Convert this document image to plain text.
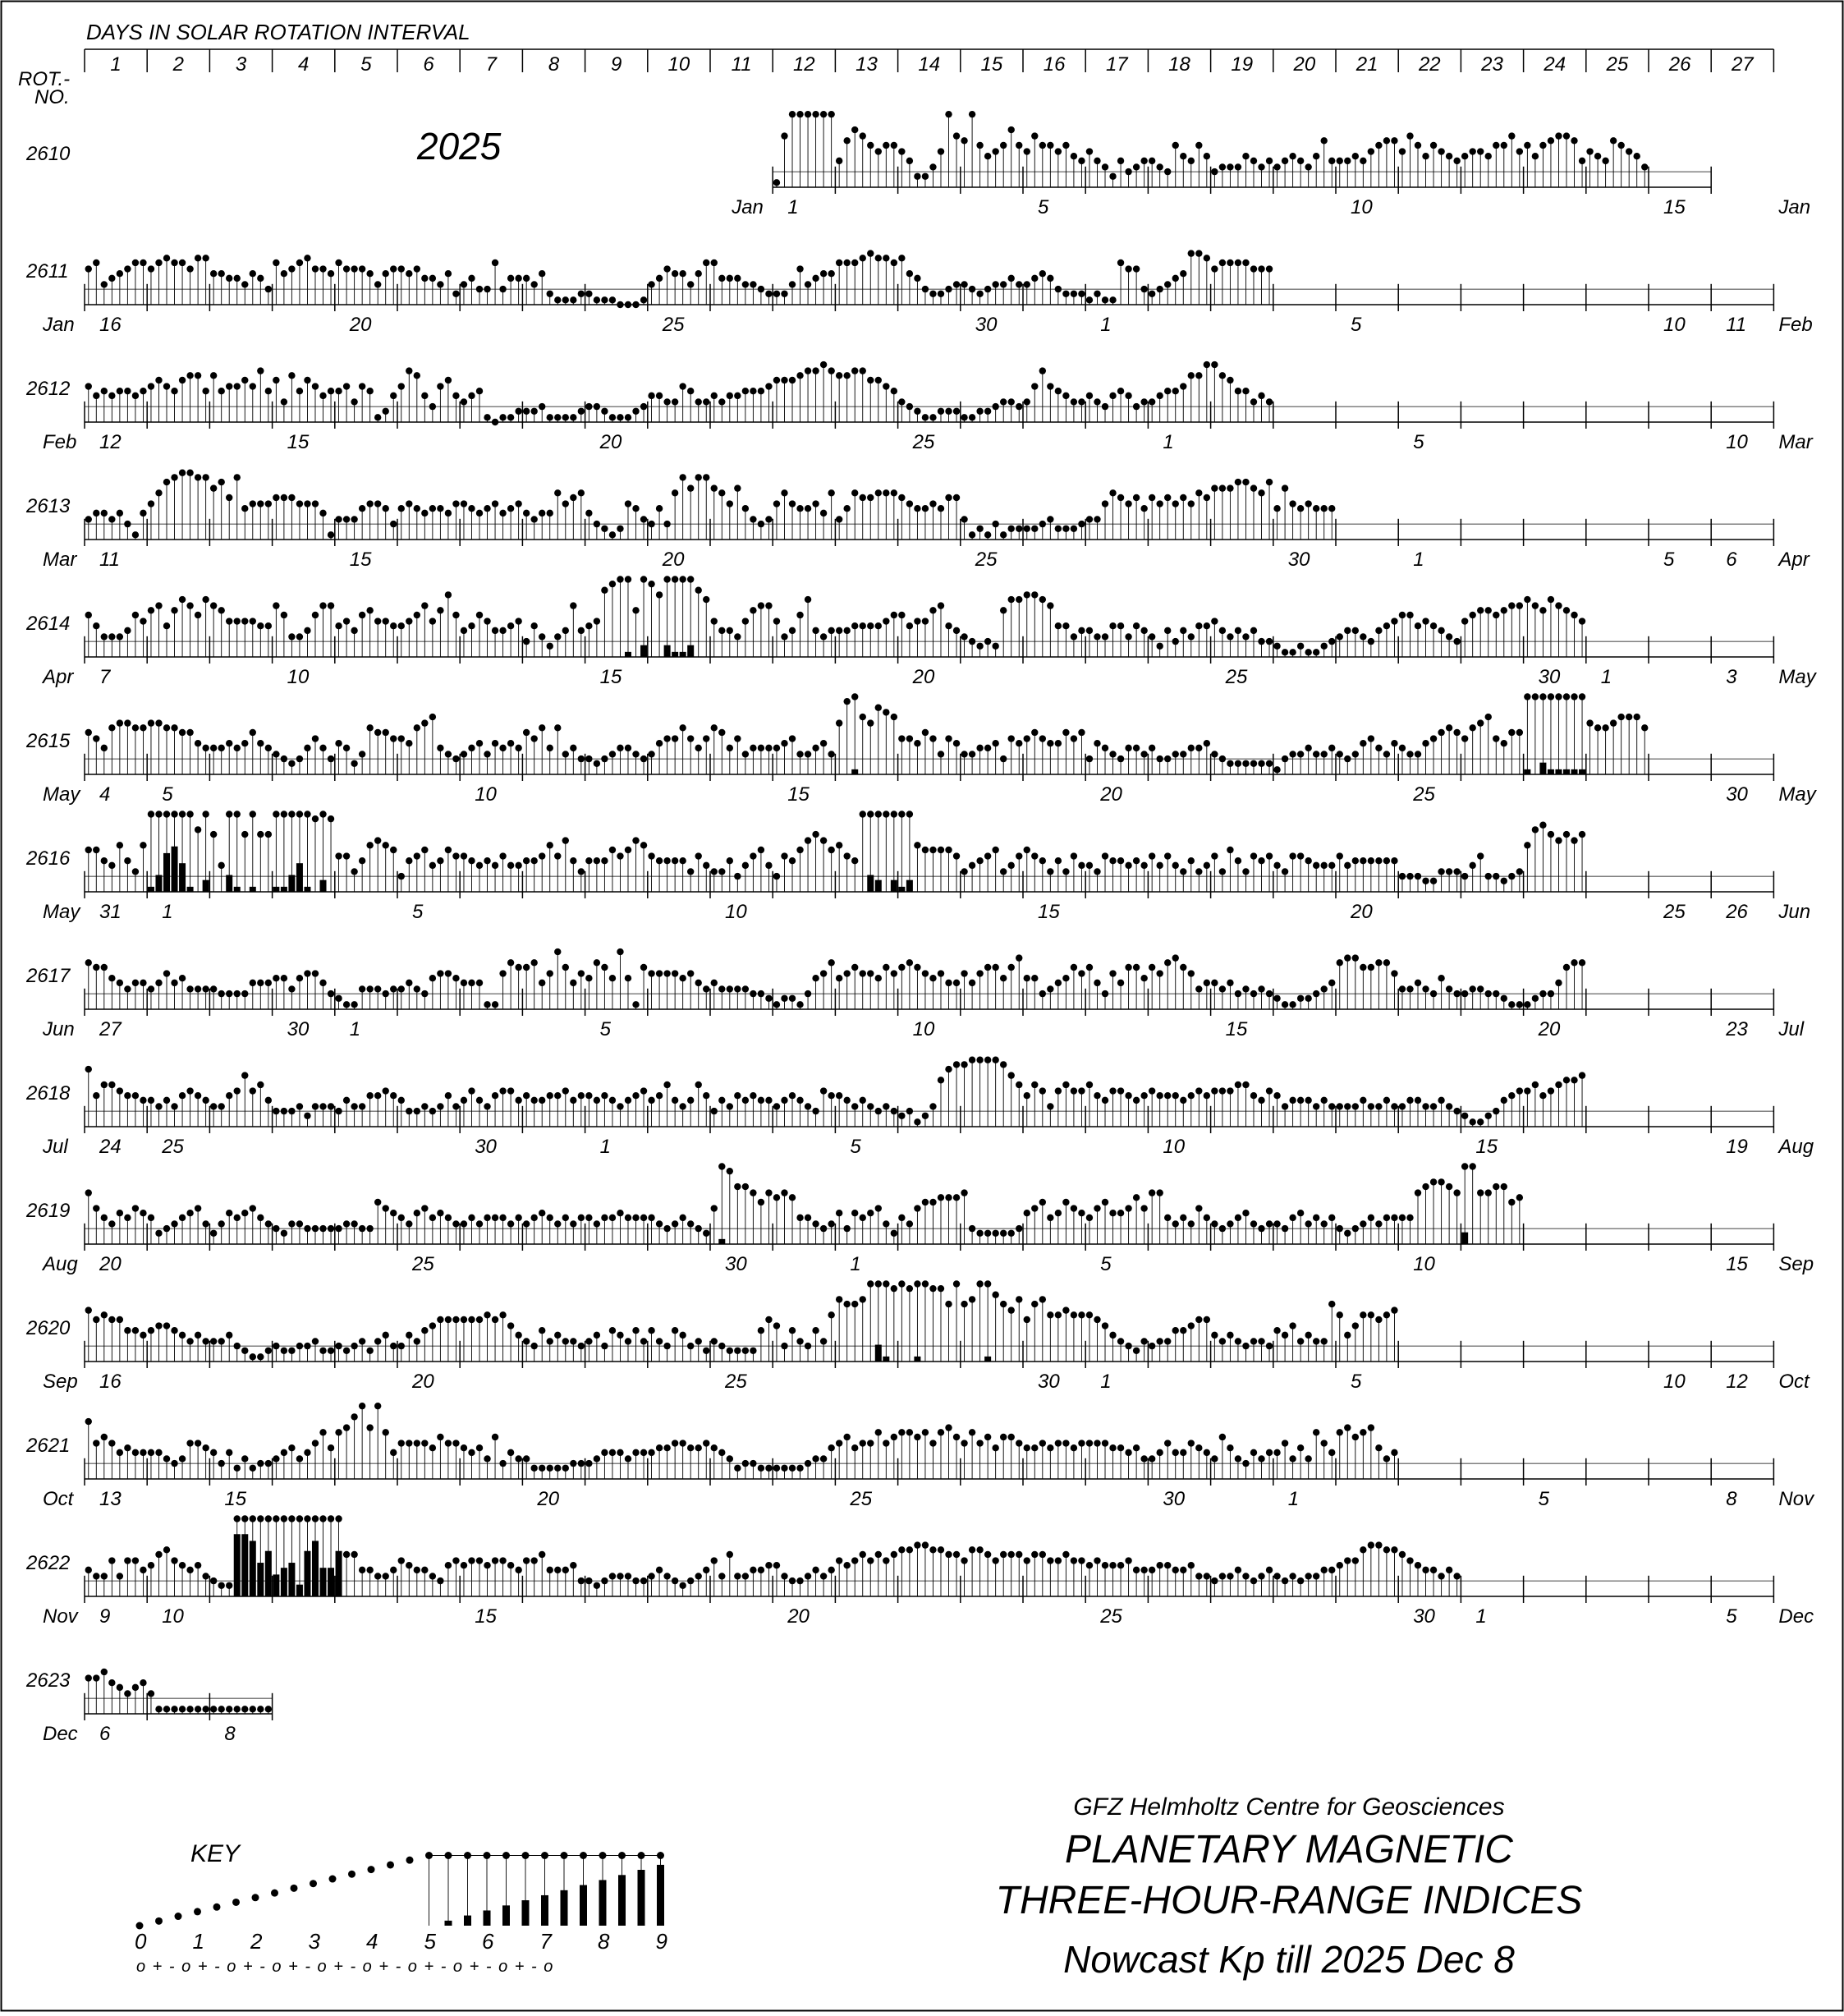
DAYS IN SOLAR ROTATION INTERVAL
ROT.-
NO.
2025
1	2	3	4	5	6	7	8	9 10 11 12 13 14 15 16 17 18 19 20 21 22 23 24 25 26 27
2610
Jan	Jan
1	5	10	15
2611
Jan	Feb
16	20	25	30	1	5	10 11
2612
Feb	Mar
12	15	20	25	1	5	10
2613
Mar	Apr
11	15	20	25	30	1	5	6
2614
Apr	May
7	10	15	20	25	30 1	3
2615
May	May
4	5	10	15	20	25	30
2616
May	Jun
31 1	5	10	15	20	25 26
2617
Jun	Jul
27	30 1	5	10	15	20	23
2618
Jul	Aug
24 25	30	1	5	10	15	19
2619
Aug	Sep
20	25	30	1	5	10	15
2620
Sep	Oct
16	20	25	30 1	5	10 12
2621
Oct	Nov
13	15	20	25	30	1	5	8
2622
Nov	Dec
9	10	15	20	25	30 1	5
2623
Dec 6	8
KEY
0 1 2 3 4 5 6 7 8 9
o + - o + - o + - o + - o + - o + - o + - o + - o + - o
GFZ Helmholtz Centre for Geosciences
PLANETARY MAGNETIC
THREE-HOUR-RANGE INDICES
Nowcast Kp till 2025 Dec 8
